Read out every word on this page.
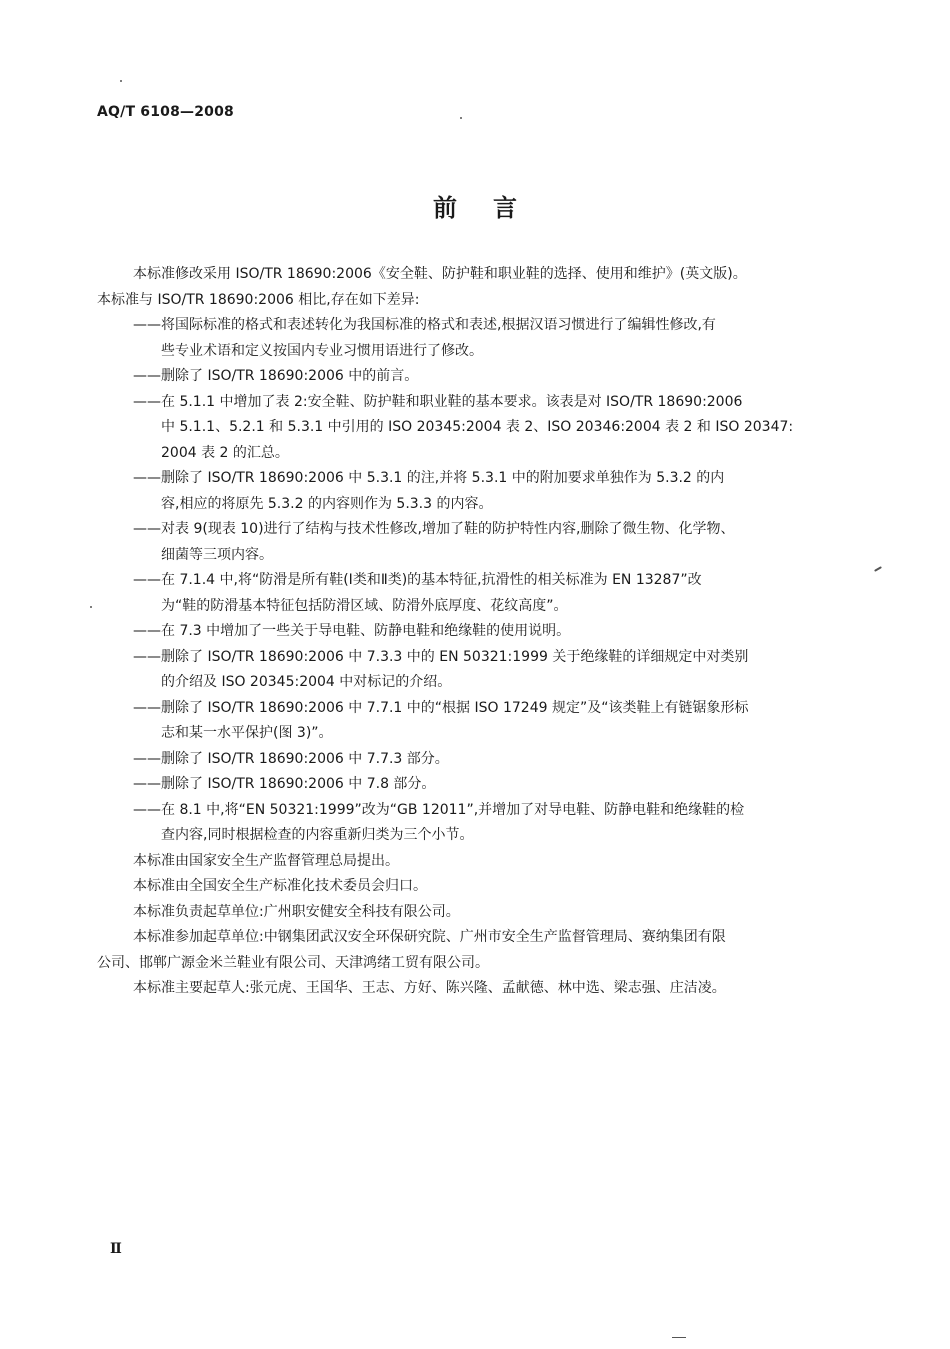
AQ/T 6108—2008
前言
本标准修改采用 ISO/TR 18690:2006《安全鞋、防护鞋和职业鞋的选择、使用和维护》(英文版)。
本标准与 ISO/TR 18690:2006 相比,存在如下差异:
——将国际标准的格式和表述转化为我国标准的格式和表述,根据汉语习惯进行了编辑性修改,有
些专业术语和定义按国内专业习惯用语进行了修改。
——删除了 ISO/TR 18690:2006 中的前言。
——在 5.1.1 中增加了表 2:安全鞋、防护鞋和职业鞋的基本要求。该表是对 ISO/TR 18690:2006
中 5.1.1、5.2.1 和 5.3.1 中引用的 ISO 20345:2004 表 2、ISO 20346:2004 表 2 和 ISO 20347:
2004 表 2 的汇总。
——删除了 ISO/TR 18690:2006 中 5.3.1 的注,并将 5.3.1 中的附加要求单独作为 5.3.2 的内
容,相应的将原先 5.3.2 的内容则作为 5.3.3 的内容。
——对表 9(现表 10)进行了结构与技术性修改,增加了鞋的防护特性内容,删除了微生物、化学物、
细菌等三项内容。
——在 7.1.4 中,将“防滑是所有鞋(Ⅰ类和Ⅱ类)的基本特征,抗滑性的相关标准为 EN 13287”改
为“鞋的防滑基本特征包括防滑区域、防滑外底厚度、花纹高度”。
——在 7.3 中增加了一些关于导电鞋、防静电鞋和绝缘鞋的使用说明。
——删除了 ISO/TR 18690:2006 中 7.3.3 中的 EN 50321:1999 关于绝缘鞋的详细规定中对类别
的介绍及 ISO 20345:2004 中对标记的介绍。
——删除了 ISO/TR 18690:2006 中 7.7.1 中的“根据 ISO 17249 规定”及“该类鞋上有链锯象形标
志和某一水平保护(图 3)”。
——删除了 ISO/TR 18690:2006 中 7.7.3 部分。
——删除了 ISO/TR 18690:2006 中 7.8 部分。
——在 8.1 中,将“EN 50321:1999”改为“GB 12011”,并增加了对导电鞋、防静电鞋和绝缘鞋的检
查内容,同时根据检查的内容重新归类为三个小节。
本标准由国家安全生产监督管理总局提出。
本标准由全国安全生产标准化技术委员会归口。
本标准负责起草单位:广州职安健安全科技有限公司。
本标准参加起草单位:中钢集团武汉安全环保研究院、广州市安全生产监督管理局、赛纳集团有限
公司、邯郸广源金米兰鞋业有限公司、天津鸿绪工贸有限公司。
本标准主要起草人:张元虎、王国华、王志、方好、陈兴隆、孟献德、林中选、梁志强、庄洁凌。
Ⅱ
